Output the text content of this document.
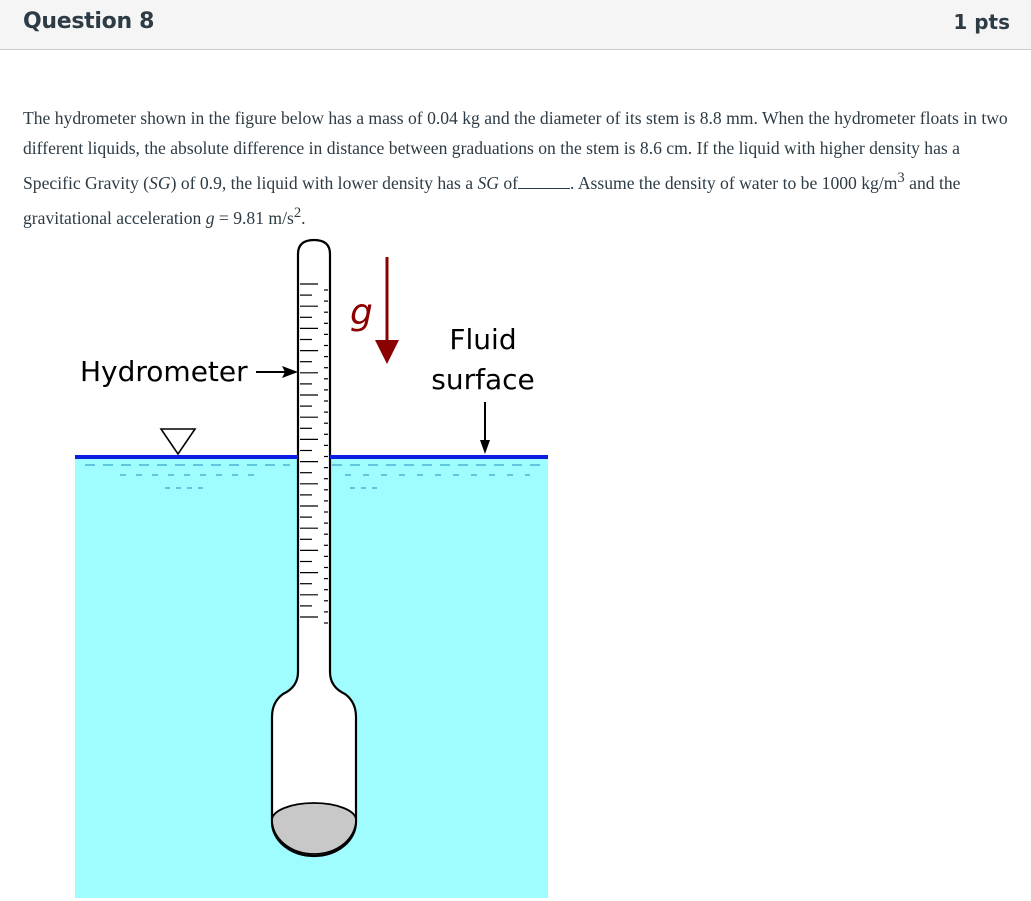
Question 8	1 pts
The hydrometer shown in the figure below has a mass of 0.04 kg and the diameter of its stem is 8.8 mm. When the hydrometer floats in two different liquids, the absolute difference in distance between graduations on the stem is 8.6 cm. If the liquid with higher density has a Specific Gravity (SG) of 0.9, the liquid with lower density has a SG of	. Assume the density of water to be 1000 $kg/m^3$ and the gravitational acceleration g = 9.81 $m/s^2$.
Hydrometer
g
Fluid
surface
